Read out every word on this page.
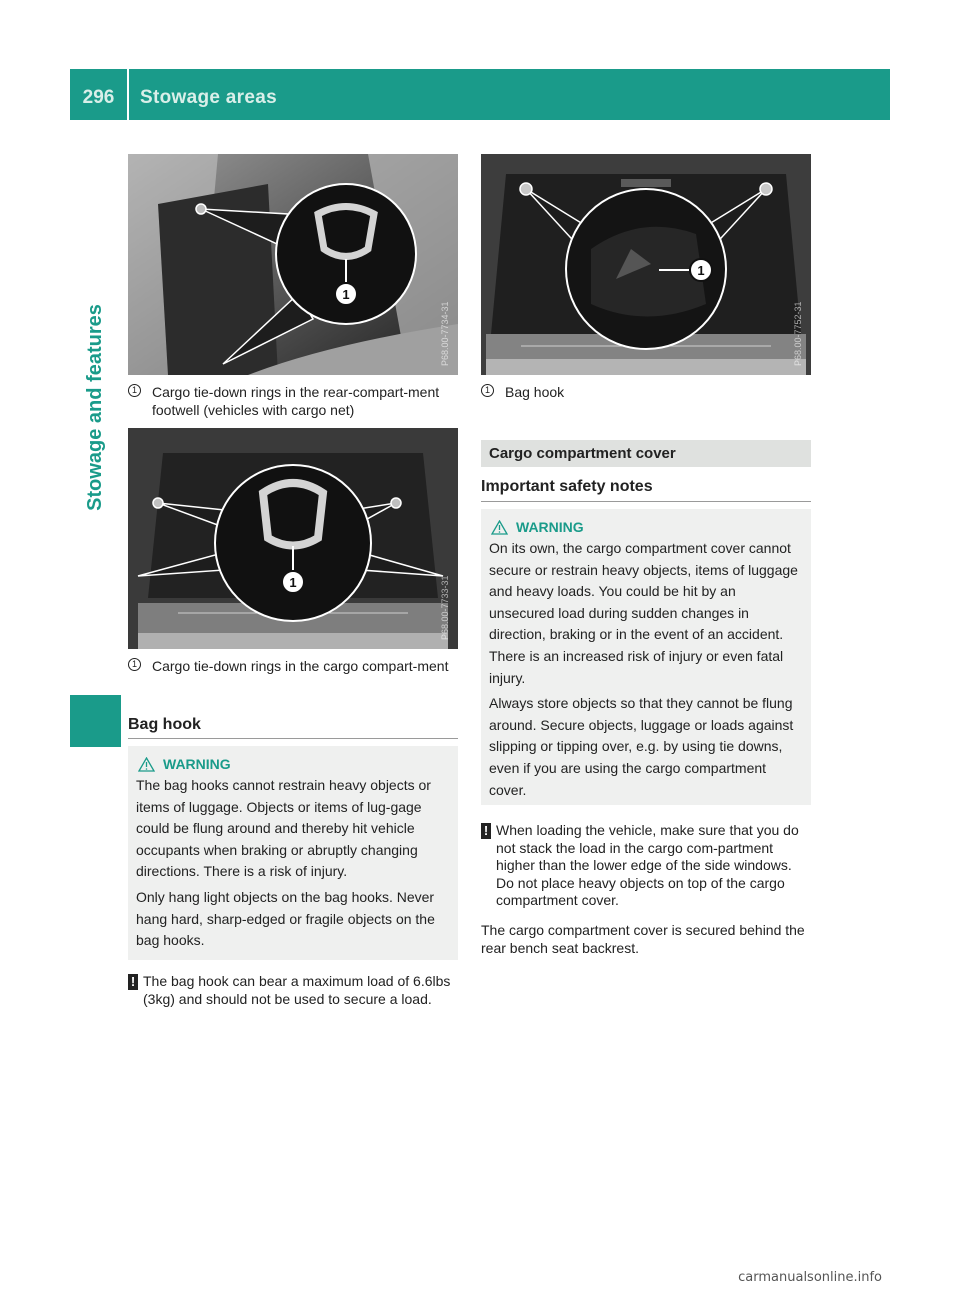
296	Stowage areas
Stowage and features
1
P68.00-7734-31
1 Cargo tie-down rings in the rear-compart-ment footwell (vehicles with cargo net)
1	P68.00-7733-31
1 Cargo tie-down rings in the cargo compart-ment
Bag hook
WARNING

The bag hooks cannot restrain heavy objects or items of luggage. Objects or items of lug-gage could be flung around and thereby hit vehicle occupants when braking or abruptly changing directions. There is a risk of injury.

Only hang light objects on the bag hooks. Never hang hard, sharp-edged or fragile objects on the bag hooks.

! The bag hook can bear a maximum load of 6.6lbs (3kg) and should not be used to secure a load.
1
P68.00-7752-31
1 Bag hook
Cargo compartment cover
Important safety notes
WARNING

On its own, the cargo compartment cover cannot secure or restrain heavy objects, items of luggage and heavy loads. You could be hit by an unsecured load during sudden changes in direction, braking or in the event of an accident. There is an increased risk of injury or even fatal injury.

Always store objects so that they cannot be flung around. Secure objects, luggage or loads against slipping or tipping over, e.g. by using tie downs, even if you are using the cargo compartment cover.

! When loading the vehicle, make sure that you do not stack the load in the cargo com-partment higher than the lower edge of the side windows. Do not place heavy objects on top of the cargo compartment cover.
The cargo compartment cover is secured behind the rear bench seat backrest.
carmanualsonline.info
